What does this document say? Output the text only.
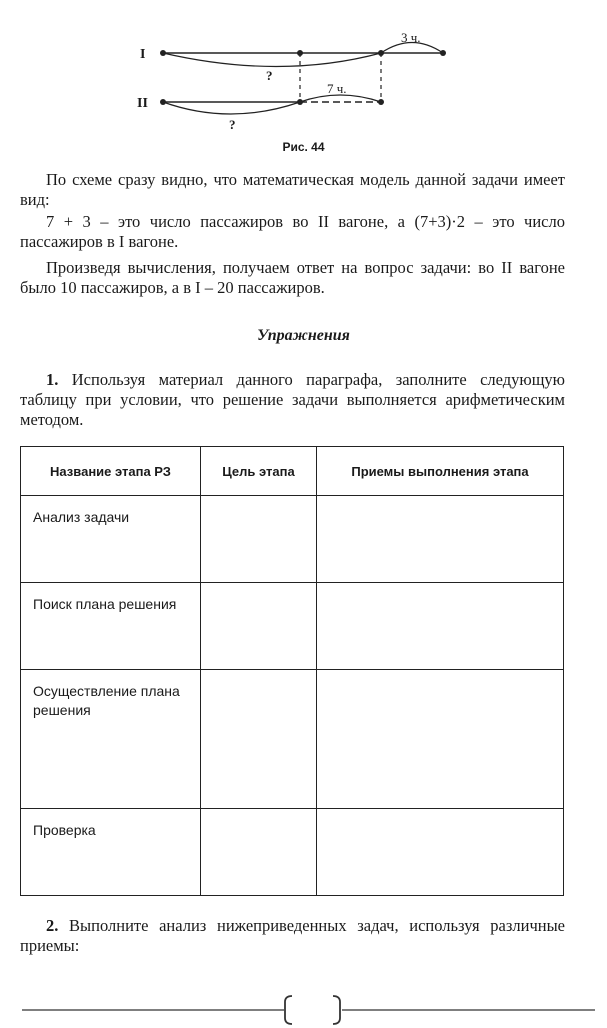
I
II
3 ч.
7 ч.
?
?
Рис. 44

По схеме сразу видно, что математическая модель данной задачи имеет вид:

7 + 3 – это число пассажиров во II вагоне, а (7+3)·2 – это число пассажиров в I вагоне.

Произведя вычисления, получаем ответ на вопрос задачи: во II вагоне было 10 пассажиров, а в I – 20 пассажиров.

Упражнения

1. Используя материал данного параграфа, заполните следующую таблицу при условии, что решение задачи выполняется арифметическим методом.

Название этапа РЗ	Цель этапа	Приемы выполнения этапа
Анализ задачи		
Поиск плана решения		
Осуществление плана решения		
Проверка		

2. Выполните анализ нижеприведенных задач, используя различные приемы:
